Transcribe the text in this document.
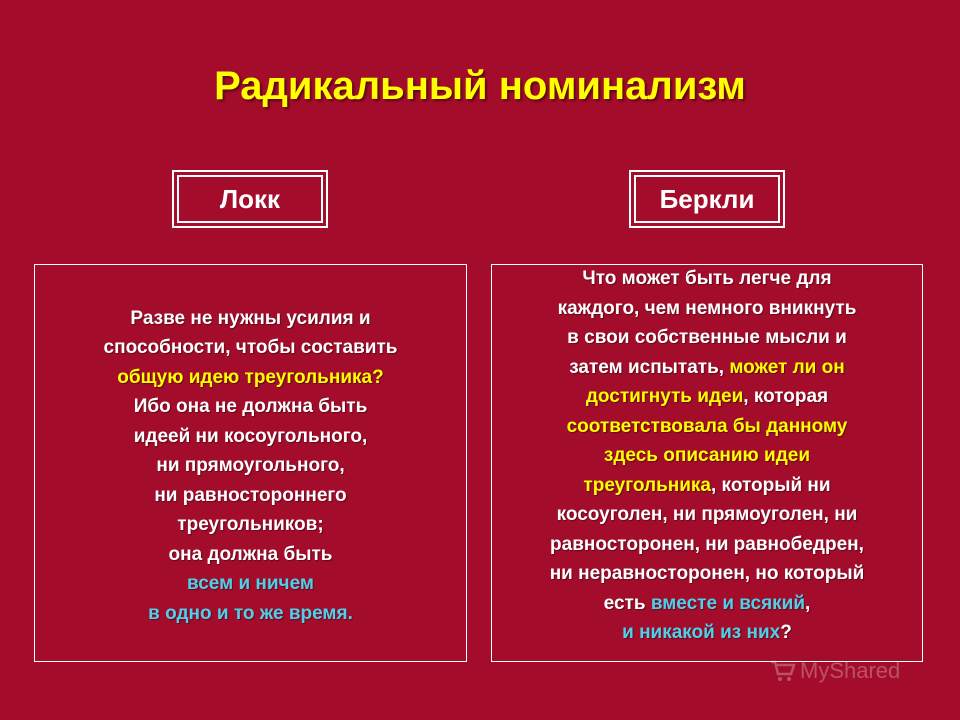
Радикальный номинализм
Локк	Беркли
Разве не нужны усилия и
способности, чтобы составить
общую идею треугольника?
Ибо она не должна быть
идеей ни косоугольного,
ни прямоугольного,
ни равностороннего
треугольников;
она должна быть
всем и ничем
в одно и то же время.
Что может быть легче для
каждого, чем немного вникнуть
в свои собственные мысли и
затем испытать, может ли он
достигнуть идеи, которая
соответствовала бы данному
здесь описанию идеи
треугольника, который ни
косоуголен, ни прямоуголен, ни
равносторонен, ни равнобедрен,
ни неравносторонен, но который
есть вместе и всякий,
и никакой из них?
MyShared
